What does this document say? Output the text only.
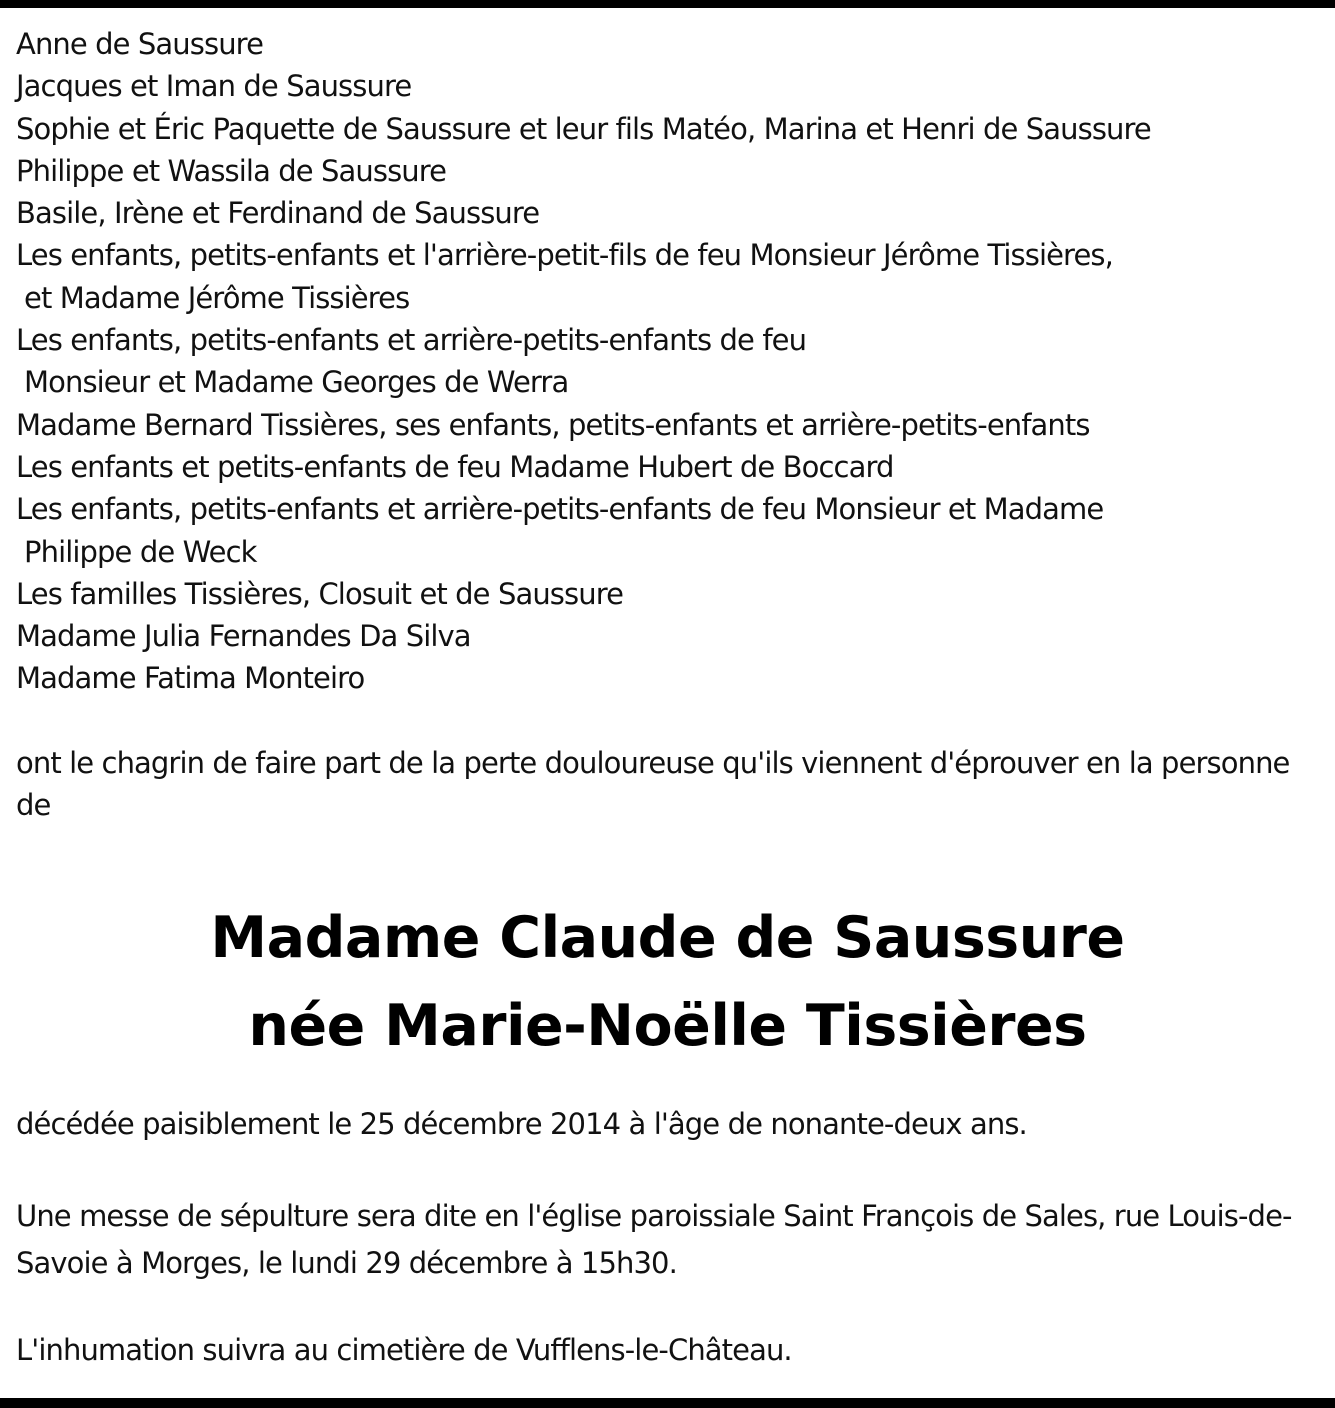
Anne de Saussure
Jacques et Iman de Saussure
Sophie et Éric Paquette de Saussure et leur fils Matéo, Marina et Henri de Saussure
Philippe et Wassila de Saussure
Basile, Irène et Ferdinand de Saussure
Les enfants, petits-enfants et l'arrière-petit-fils de feu Monsieur Jérôme Tissières,
et Madame Jérôme Tissières
Les enfants, petits-enfants et arrière-petits-enfants de feu
Monsieur et Madame Georges de Werra
Madame Bernard Tissières, ses enfants, petits-enfants et arrière-petits-enfants
Les enfants et petits-enfants de feu Madame Hubert de Boccard
Les enfants, petits-enfants et arrière-petits-enfants de feu Monsieur et Madame
Philippe de Weck
Les familles Tissières, Closuit et de Saussure
Madame Julia Fernandes Da Silva
Madame Fatima Monteiro
ont le chagrin de faire part de la perte douloureuse qu'ils viennent d'éprouver en la personne de
Madame Claude de Saussure
née Marie-Noëlle Tissières
décédée paisiblement le 25 décembre 2014 à l'âge de nonante-deux ans.
Une messe de sépulture sera dite en l'église paroissiale Saint François de Sales, rue Louis-de-Savoie à Morges, le lundi 29 décembre à 15h30.
L'inhumation suivra au cimetière de Vufflens-le-Château.
